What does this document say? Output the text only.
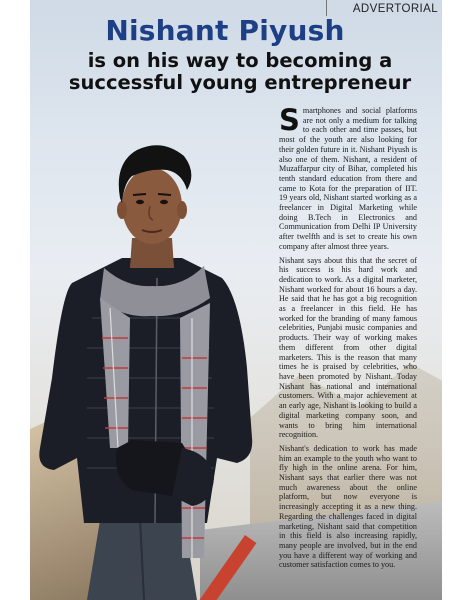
ADVERTORIAL
Nishant Piyush
is on his way to becoming a successful young entrepreneur

Smartphones and social platforms are not only a medium for talking to each other and time passes, but most of the youth are also looking for their golden future in it. Nishant Piyush is also one of them. Nishant, a resident of Muzaffarpur city of Bihar, completed his tenth standard education from there and came to Kota for the preparation of IIT. 19 years old, Nishant started working as a freelancer in Digital Marketing while doing B.Tech in Electronics and Communication from Delhi IP University after twelfth and is set to create his own company after almost three years.

Nishant says about this that the secret of his success is his hard work and dedication to work. As a digital marketer, Nishant worked for about 16 hours a day. He said that he has got a big recognition as a freelancer in this field. He has worked for the branding of many famous celebrities, Punjabi music companies and products. Their way of working makes them different from other digital marketers. This is the reason that many times he is praised by celebrities, who have been promoted by Nishant. Today Nishant has national and international customers. With a major achievement at an early age, Nishant is looking to build a digital marketing company soon, and wants to bring him international recognition.

Nishant's dedication to work has made him an example to the youth who want to fly high in the online arena. For him, Nishant says that earlier there was not much awareness about the online platform, but now everyone is increasingly accepting it as a new thing. Regarding the challenges faced in digital marketing, Nishant said that competition in this field is also increasing rapidly, many people are involved, but in the end you have a different way of working and customer satisfaction comes to you.
